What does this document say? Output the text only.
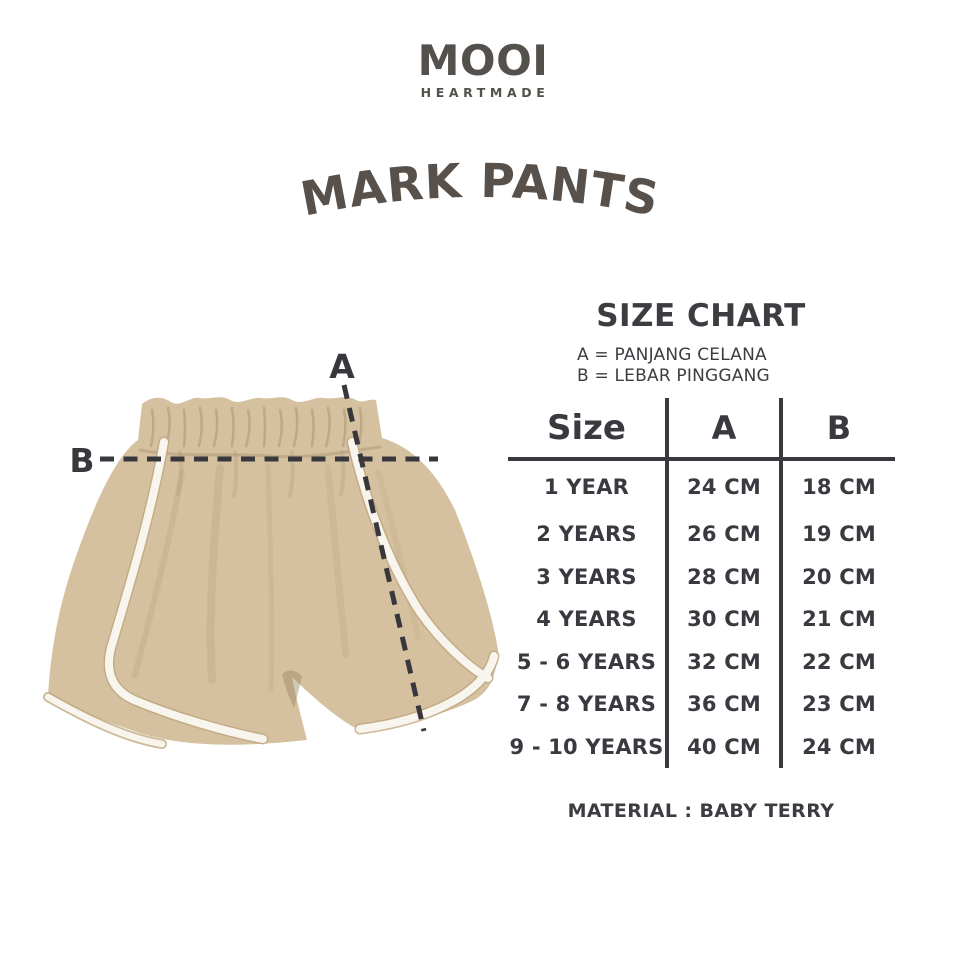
MOOI
HEARTMADE
MARK PANTS
A
B
SIZE CHART
A = PANJANG CELANA
B = LEBAR PINGGANG
Size	A	B
1 YEAR	24 CM	18 CM
2 YEARS	26 CM	19 CM
3 YEARS	28 CM	20 CM
4 YEARS	30 CM	21 CM
5 - 6 YEARS	32 CM	22 CM
7 - 8 YEARS	36 CM	23 CM
9 - 10 YEARS	40 CM	24 CM
MATERIAL : BABY TERRY
